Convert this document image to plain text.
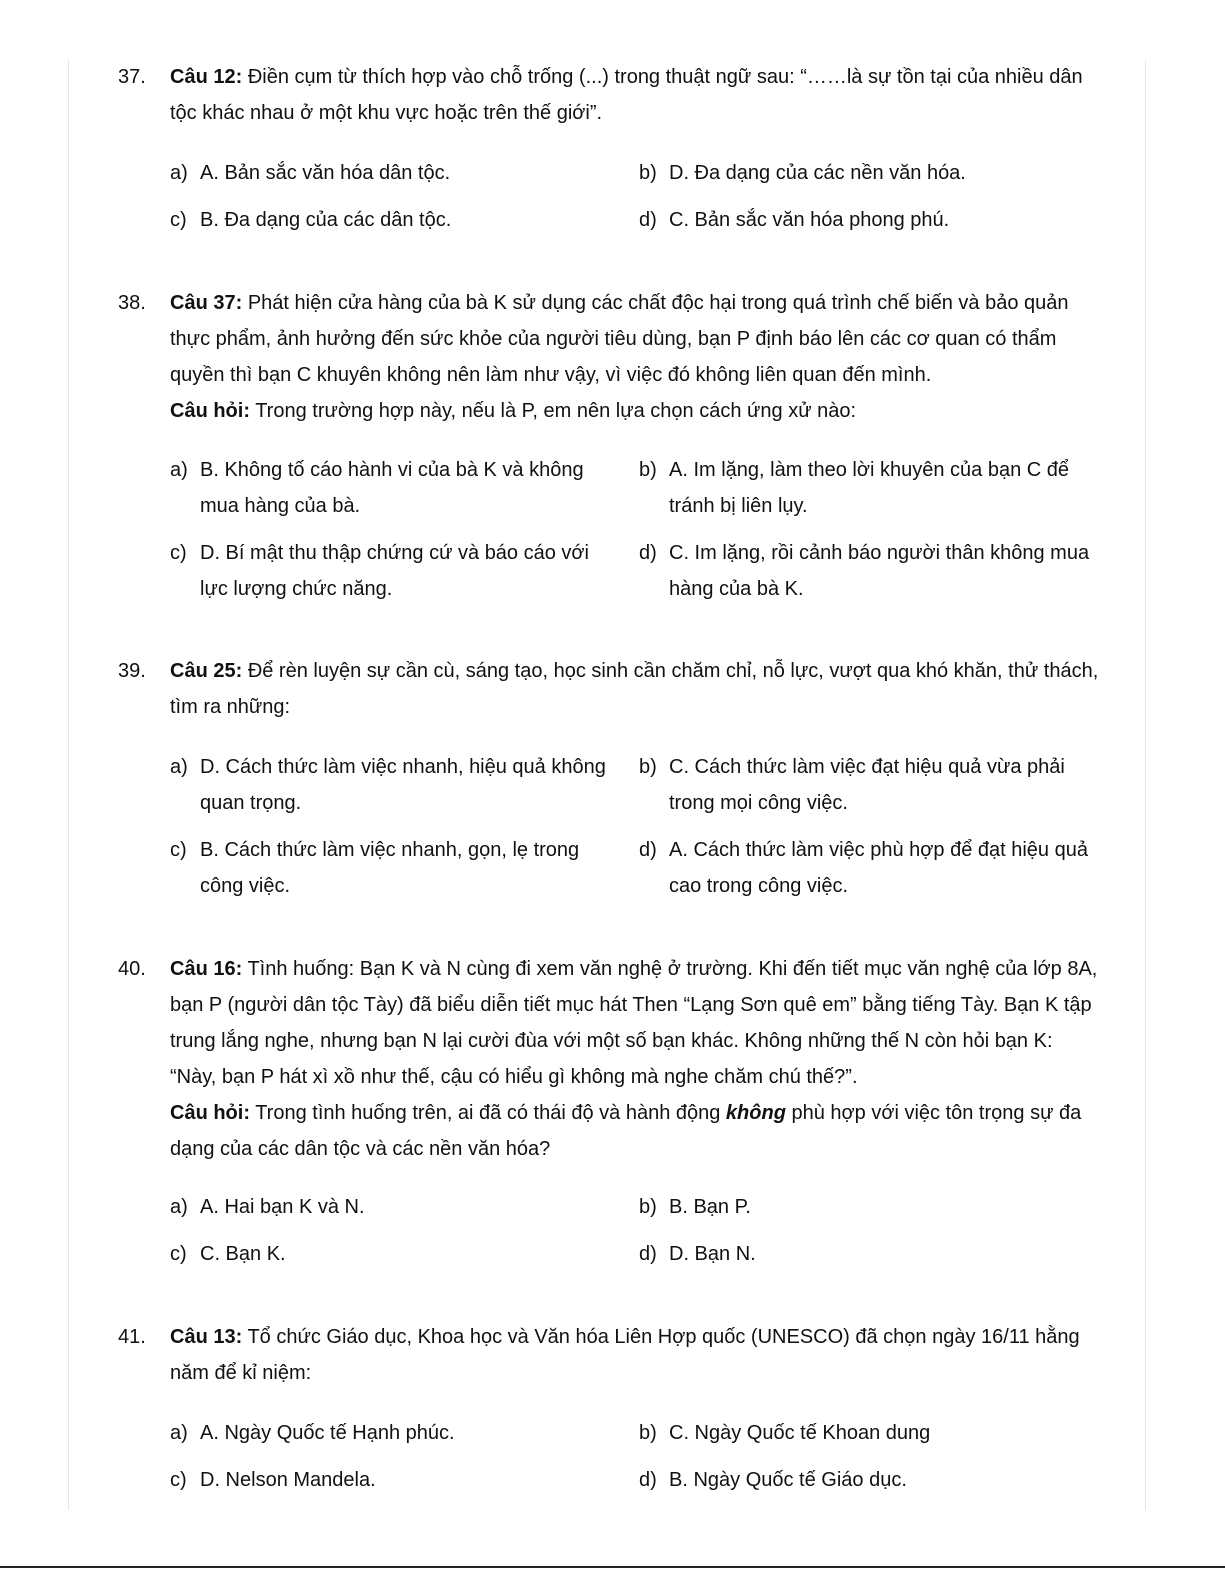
37. Câu 12: Điền cụm từ thích hợp vào chỗ trống (...) trong thuật ngữ sau: “……là sự tồn tại của nhiều dân tộc khác nhau ở một khu vực hoặc trên thế giới”.

a) A. Bản sắc văn hóa dân tộc.	b) D. Đa dạng của các nền văn hóa.
c) B. Đa dạng của các dân tộc.	d) C. Bản sắc văn hóa phong phú.
38. Câu 37: Phát hiện cửa hàng của bà K sử dụng các chất độc hại trong quá trình chế biến và bảo quản thực phẩm, ảnh hưởng đến sức khỏe của người tiêu dùng, bạn P định báo lên các cơ quan có thẩm quyền thì bạn C khuyên không nên làm như vậy, vì việc đó không liên quan đến mình.

Câu hỏi: Trong trường hợp này, nếu là P, em nên lựa chọn cách ứng xử nào:

a) B. Không tố cáo hành vi của bà K và không mua hàng của bà.
b) A. Im lặng, làm theo lời khuyên của bạn C để tránh bị liên lụy.
c) D. Bí mật thu thập chứng cứ và báo cáo với lực lượng chức năng.
d) C. Im lặng, rồi cảnh báo người thân không mua hàng của bà K.
39. Câu 25: Để rèn luyện sự cần cù, sáng tạo, học sinh cần chăm chỉ, nỗ lực, vượt qua khó khăn, thử thách, tìm ra những:

a) D. Cách thức làm việc nhanh, hiệu quả không quan trọng.
b) C. Cách thức làm việc đạt hiệu quả vừa phải trong mọi công việc.
c) B. Cách thức làm việc nhanh, gọn, lẹ trong công việc.
d) A. Cách thức làm việc phù hợp để đạt hiệu quả cao trong công việc.
40. Câu 16: Tình huống: Bạn K và N cùng đi xem văn nghệ ở trường. Khi đến tiết mục văn nghệ của lớp 8A, bạn P (người dân tộc Tày) đã biểu diễn tiết mục hát Then “Lạng Sơn quê em” bằng tiếng Tày. Bạn K tập trung lắng nghe, nhưng bạn N lại cười đùa với một số bạn khác. Không những thế N còn hỏi bạn K: “Này, bạn P hát xì xồ như thế, cậu có hiểu gì không mà nghe chăm chú thế?”.

Câu hỏi: Trong tình huống trên, ai đã có thái độ và hành động không phù hợp với việc tôn trọng sự đa dạng của các dân tộc và các nền văn hóa?

a) A. Hai bạn K và N.	b) B. Bạn P.
c) C. Bạn K.	d) D. Bạn N.
41. Câu 13: Tổ chức Giáo dục, Khoa học và Văn hóa Liên Hợp quốc (UNESCO) đã chọn ngày 16/11 hằng năm để kỉ niệm:

a) A. Ngày Quốc tế Hạnh phúc.	b) C. Ngày Quốc tế Khoan dung
c) D. Nelson Mandela.	d) B. Ngày Quốc tế Giáo dục.
